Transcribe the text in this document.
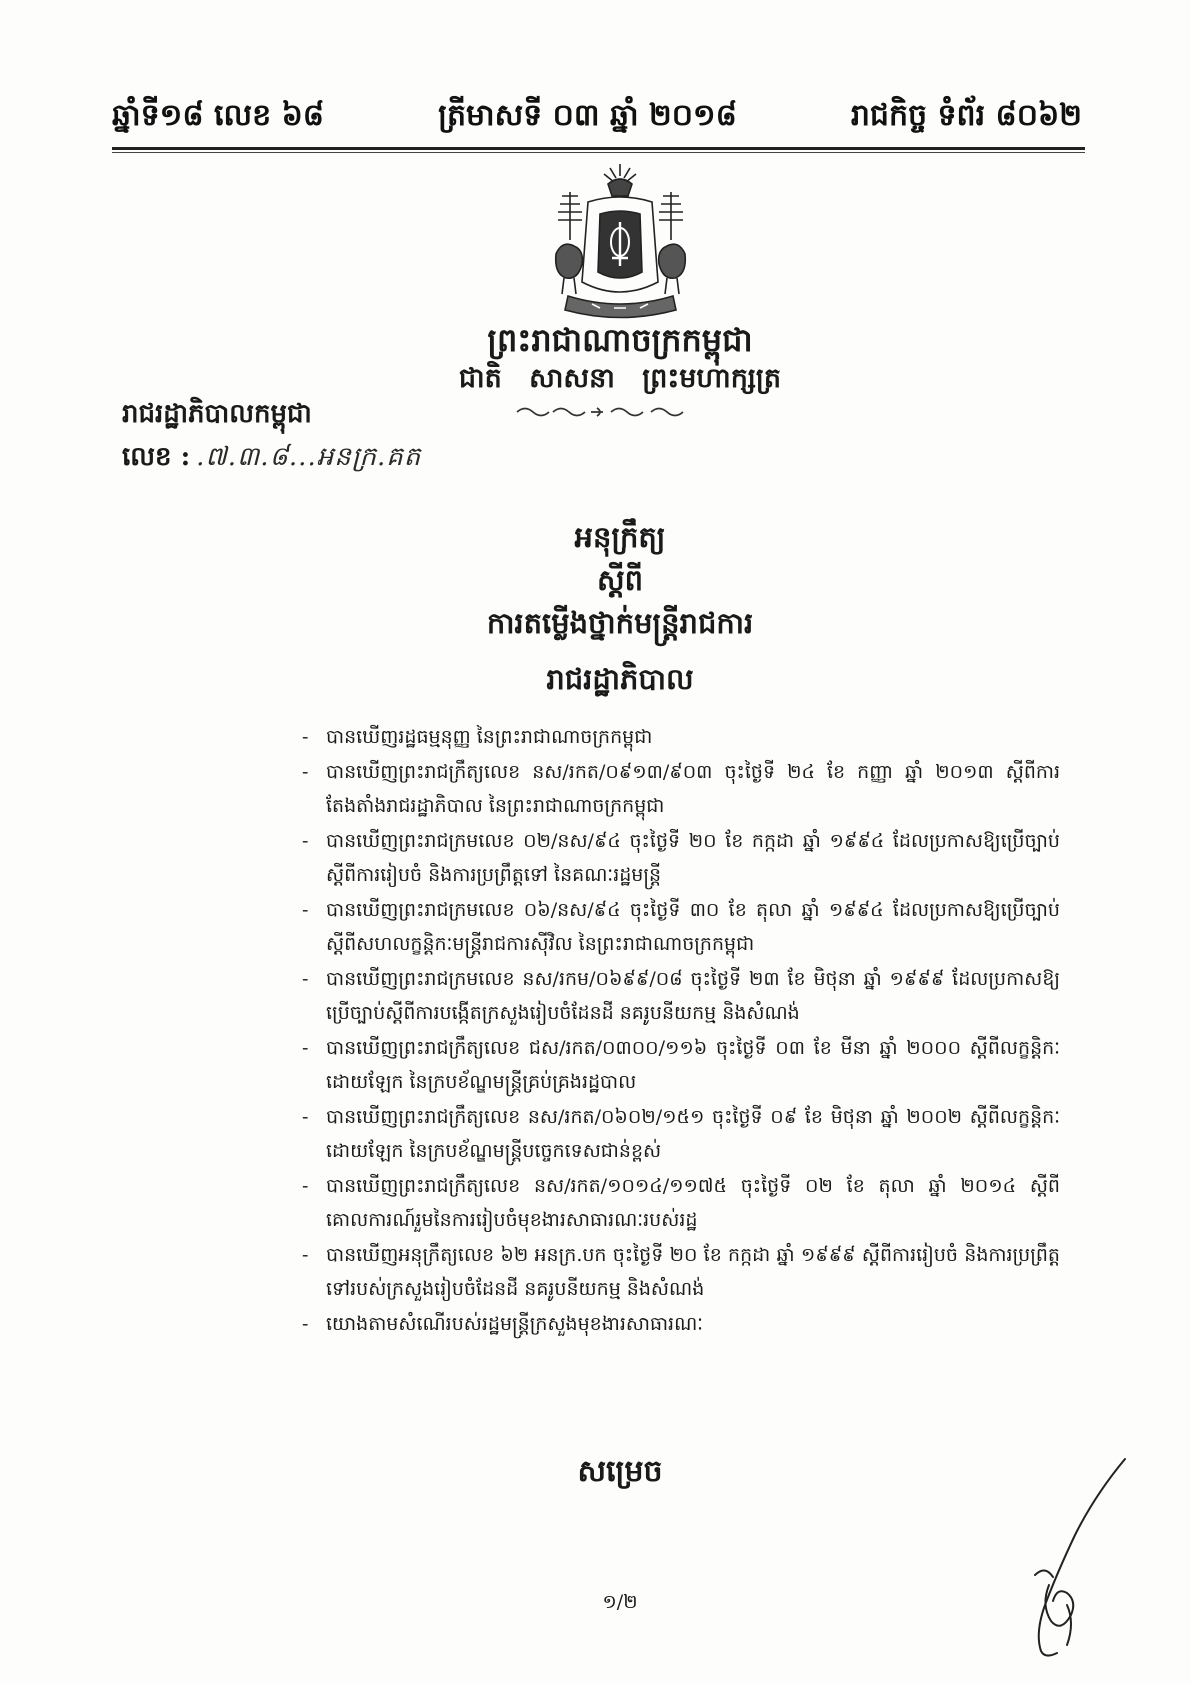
ឆ្នាំទី១៨ លេខ ៦៨	ត្រីមាសទី ០៣ ឆ្នាំ ២០១៨	រាជកិច្ច ទំព័រ ៨០៦២
ព្រះរាជាណាចក្រកម្ពុជា
ជាតិ សាសនា ព្រះមហាក្សត្រ
រាជរដ្ឋាភិបាលកម្ពុជា
លេខ : .៧.៣.៨...អនក្រ.គត
អនុក្រឹត្យ
ស្តីពី
ការតម្លើងថ្នាក់មន្ត្រីរាជការ
រាជរដ្ឋាភិបាល
- បានឃើញរដ្ឋធម្មនុញ្ញ នៃព្រះរាជាណាចក្រកម្ពុជា
- បានឃើញព្រះរាជក្រឹត្យលេខ នស/រកត/០៩១៣/៩០៣ ចុះថ្ងៃទី ២៤ ខែ កញ្ញា ឆ្នាំ ២០១៣ ស្តីពីការតែងតាំងរាជរដ្ឋាភិបាល នៃព្រះរាជាណាចក្រកម្ពុជា
- បានឃើញព្រះរាជក្រមលេខ ០២/នស/៩៤ ចុះថ្ងៃទី ២០ ខែ កក្កដា ឆ្នាំ ១៩៩៤ ដែលប្រកាសឱ្យប្រើច្បាប់ស្តីពីការរៀបចំ និងការប្រព្រឹត្តទៅ នៃគណៈរដ្ឋមន្ត្រី
- បានឃើញព្រះរាជក្រមលេខ ០៦/នស/៩៤ ចុះថ្ងៃទី ៣០ ខែ តុលា ឆ្នាំ ១៩៩៤ ដែលប្រកាសឱ្យប្រើច្បាប់ស្តីពីសហលក្ខន្តិកៈមន្ត្រីរាជការស៊ីវិល នៃព្រះរាជាណាចក្រកម្ពុជា
- បានឃើញព្រះរាជក្រមលេខ នស/រកម/០៦៩៩/០៨ ចុះថ្ងៃទី ២៣ ខែ មិថុនា ឆ្នាំ ១៩៩៩ ដែលប្រកាសឱ្យប្រើច្បាប់ស្តីពីការបង្កើតក្រសួងរៀបចំដែនដី នគរូបនីយកម្ម និងសំណង់
- បានឃើញព្រះរាជក្រឹត្យលេខ ជស/រកត/០៣០០/១១៦ ចុះថ្ងៃទី ០៣ ខែ មីនា ឆ្នាំ ២០០០ ស្តីពីលក្ខន្តិកៈដោយឡែក នៃក្របខ័ណ្ឌមន្ត្រីគ្រប់គ្រងរដ្ឋបាល
- បានឃើញព្រះរាជក្រឹត្យលេខ នស/រកត/០៦០២/១៥១ ចុះថ្ងៃទី ០៩ ខែ មិថុនា ឆ្នាំ ២០០២ ស្តីពីលក្ខន្តិកៈដោយឡែក នៃក្របខ័ណ្ឌមន្ត្រីបច្ចេកទេសជាន់ខ្ពស់
- បានឃើញព្រះរាជក្រឹត្យលេខ នស/រកត/១០១៤/១១៧៥ ចុះថ្ងៃទី ០២ ខែ តុលា ឆ្នាំ ២០១៤ ស្តីពីគោលការណ៍រួមនៃការរៀបចំមុខងារសាធារណៈរបស់រដ្ឋ
- បានឃើញអនុក្រឹត្យលេខ ៦២ អនក្រ.បក ចុះថ្ងៃទី ២០ ខែ កក្កដា ឆ្នាំ ១៩៩៩ ស្តីពីការរៀបចំ និងការប្រព្រឹត្តទៅរបស់ក្រសួងរៀបចំដែនដី នគរូបនីយកម្ម និងសំណង់
- យោងតាមសំណើរបស់រដ្ឋមន្ត្រីក្រសួងមុខងារសាធារណៈ
សម្រេច
១/២
